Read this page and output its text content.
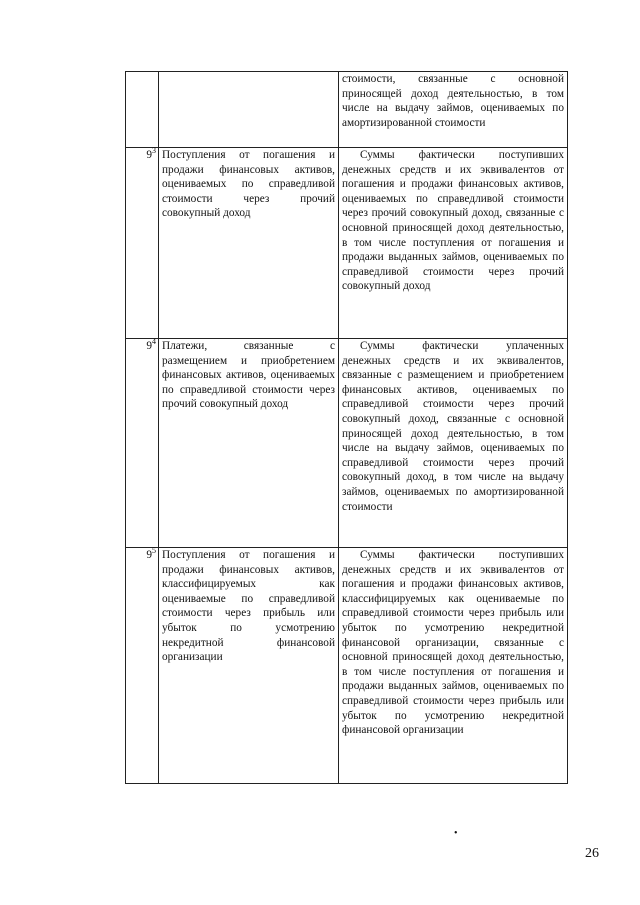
		стоимости, связанные с основной приносящей доход деятельностью, в том числе на выдачу займов, оцениваемых по амортизированной стоимости
$9^3$	Поступления от погашения и продажи финансовых активов, оцениваемых по справедливой стоимости через прочий совокупный доход	Суммы фактически поступивших денежных средств и их эквивалентов от погашения и продажи финансовых активов, оцениваемых по справедливой стоимости через прочий совокупный доход, связанные с основной приносящей доход деятельностью, в том числе поступления от погашения и продажи выданных займов, оцениваемых по справедливой стоимости через прочий совокупный доход

$9^4$	Платежи, связанные с размещением и приобретением финансовых активов, оцениваемых по справедливой стоимости через прочий совокупный доход	Суммы фактически уплаченных денежных средств и их эквивалентов, связанные с размещением и приобретением финансовых активов, оцениваемых по справедливой стоимости через прочий совокупный доход, связанные с основной приносящей доход деятельностью, в том числе на выдачу займов, оцениваемых по справедливой стоимости через прочий совокупный доход, в том числе на выдачу займов, оцениваемых по амортизированной стоимости

$9^5$	Поступления от погашения и продажи финансовых активов, классифицируемых как оцениваемые по справедливой стоимости через прибыль или убыток по усмотрению некредитной финансовой организации	Суммы фактически поступивших денежных средств и их эквивалентов от погашения и продажи финансовых активов, классифицируемых как оцениваемые по справедливой стоимости через прибыль или убыток по усмотрению некредитной финансовой организации, связанные с основной приносящей доход деятельностью, в том числе поступления от погашения и продажи выданных займов, оцениваемых по справедливой стоимости через прибыль или убыток по усмотрению некредитной финансовой организации
•
26
